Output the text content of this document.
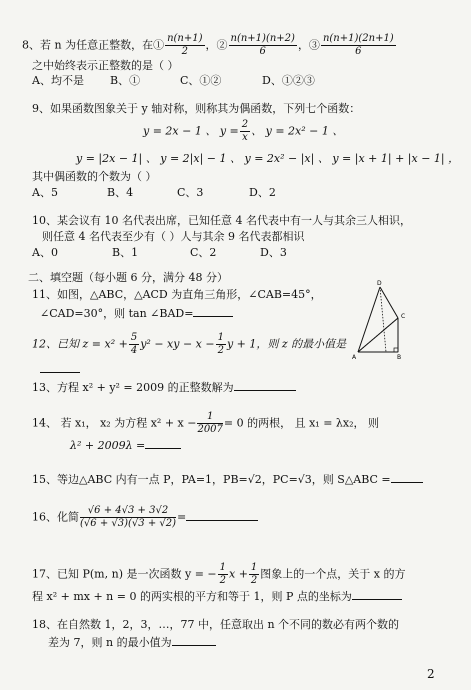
8、若 n 为任意正整数，在① $\frac{n(n+1)}{2}$ ，② $\frac{n(n+1)(n+2)}{6}$ ，③ $\frac{n(n+1)(2n+1)}{6}$
之中始终表示正整数的是（ ）
A、均不是 B、①	C、①②	D、①②③
9、如果函数图象关于 y 轴对称，则称其为偶函数，下列七个函数：
y = 2x − 1 、 $y = \frac{2}{x}$ 、 y = 2x² − 1 、
y = |2x − 1| 、 y = 2|x| − 1 、 y = 2x² − |x| 、 y = |x + 1| + |x − 1| ，
其中偶函数的个数为（ ）
A、5	B、4	C、3	D、2
10、某会议有 10 名代表出席，已知任意 4 名代表中有一人与其余三人相识，
则任意 4 名代表至少有（ ）人与其余 9 名代表都相识
A、0	B、1	C、2	D、3
二、填空题（每小题 6 分，满分 48 分）
11、如图，△ABC，△ACD 为直角三角形，∠CAB=45°，
∠CAD=30°，则 tan ∠BAD=
D
C
A	B
12、已知 $z = x^2 + \frac{5}{4} y^2$ − xy − $x - \frac{1}{2}$ y + 1，则 z 的最小值是
13、方程 x² + y² = 2009 的正整数解为
14、 若 x₁， x₂ 为方程 $x^2 + x - \frac{1}{2007} = 0$ 的两根， 且 x₁ = λx₂， 则
λ² + 2009λ =
15、等边△ABC 内有一点 P，PA=1，PB=√2，PC=√3，则 S△ABC =
16、化简 $\frac{√6 + 4√3 + 3√2}{(√6 + √3)(√3 + √2)}$ =
17、已知 P(m, n) 是一次函数 y = − $\frac{1}{2}$ $x + \frac{1}{2}$ 图象上的一个点，关于 x 的方
程 x² + mx + n = 0 的两实根的平方和等于 1，则 P 点的坐标为
18、在自然数 1，2，3，…，77 中，任意取出 n 个不同的数必有两个数的
差为 7，则 n 的最小值为
2
